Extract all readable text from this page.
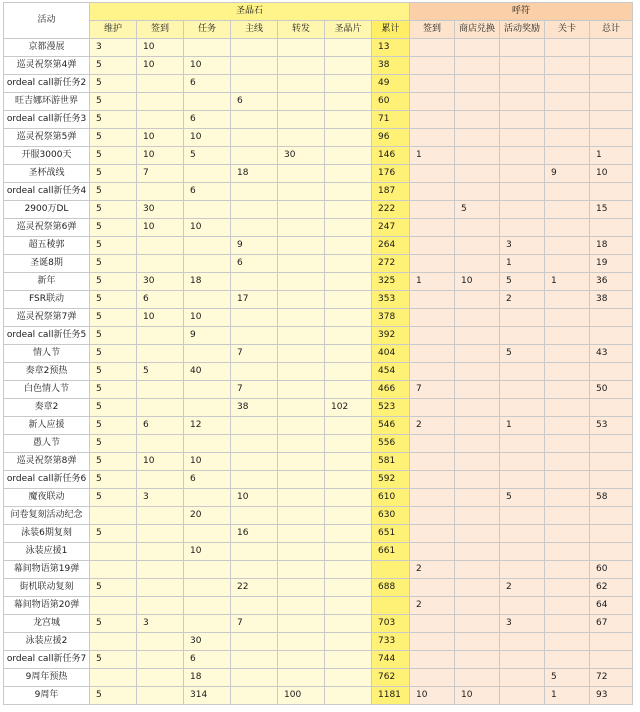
活动	圣晶石							呼符				
	维护	签到	任务	主线	转发	圣晶片	累计	签到	商店兑换	活动奖励	关卡	总计
京都漫展	3	10					13					
巡灵祝祭第4弹	5	10	10				38					
ordeal call新任务2	5		6				49					
旺吉娜环游世界	5			6			60					
ordeal call新任务3	5		6				71					
巡灵祝祭第5弹	5	10	10				96					
开服3000天	5	10	5		30		146	1				1
圣杯战线	5	7		18			176				9	10
ordeal call新任务4	5		6				187					
2900万DL	5	30					222		5			15
巡灵祝祭第6弹	5	10	10				247					
超五稜郭	5			9			264			3		18
圣诞8期	5			6			272			1		19
新年	5	30	18				325	1	10	5	1	36
FSR联动	5	6		17			353			2		38
巡灵祝祭第7弹	5	10	10				378					
ordeal call新任务5	5		9				392					
情人节	5			7			404			5		43
奏章2预热	5	5	40				454					
白色情人节	5			7			466	7				50
奏章2	5			38		102	523					
新人应援	5	6	12				546	2		1		53
愚人节	5						556					
巡灵祝祭第8弹	5	10	10				581					
ordeal call新任务6	5		6				592					
魔夜联动	5	3		10			610			5		58
问卷复刻活动纪念			20				630					
泳装6期复刻	5			16			651					
泳装应援1			10				661					
幕间物语第19弹								2				60
街机联动复刻	5			22			688			2		62
幕间物语第20弹								2				64
龙宫城	5	3		7			703			3		67
泳装应援2			30				733					
ordeal call新任务7	5		6				744					
9周年预热			18				762				5	72
9周年	5		314		100		1181	10	10		1	93
